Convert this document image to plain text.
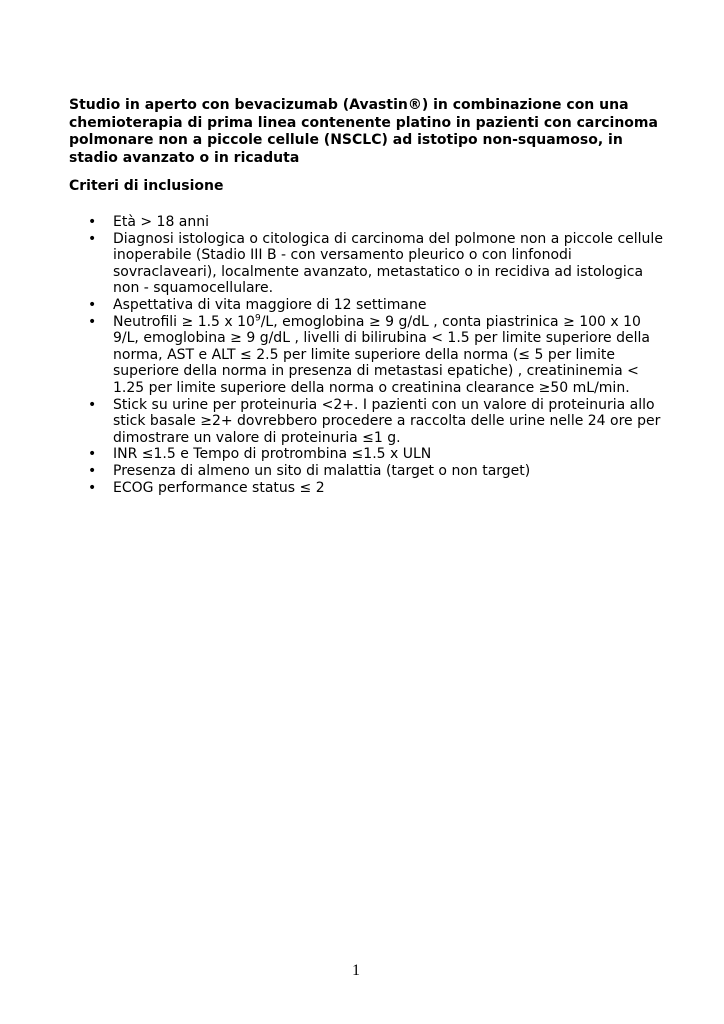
Studio in aperto con bevacizumab (Avastin®) in combinazione con una chemioterapia di prima linea contenente platino in pazienti con carcinoma polmonare non a piccole cellule (NSCLC) ad istotipo non-squamoso, in stadio avanzato o in ricaduta

Criteri di inclusione

• Età > 18 anni
• Diagnosi istologica o citologica di carcinoma del polmone non a piccole cellule inoperabile (Stadio III B - con versamento pleurico o con linfonodi sovraclaveari), localmente avanzato, metastatico o in recidiva ad istologica non - squamocellulare.
• Aspettativa di vita maggiore di 12 settimane
• Neutrofili ≥ 1.5 x $10^9/L$, emoglobina ≥ 9 g/dL , conta piastrinica ≥ 100 x 10 9/L, emoglobina ≥ 9 g/dL , livelli di bilirubina < 1.5 per limite superiore della norma, AST e ALT ≤ 2.5 per limite superiore della norma (≤ 5 per limite superiore della norma in presenza di metastasi epatiche) , creatininemia < 1.25 per limite superiore della norma o creatinina clearance ≥50 mL/min.
• Stick su urine per proteinuria <2+. I pazienti con un valore di proteinuria allo stick basale ≥2+ dovrebbero procedere a raccolta delle urine nelle 24 ore per dimostrare un valore di proteinuria ≤1 g.
• INR ≤1.5 e Tempo di protrombina ≤1.5 x ULN
• Presenza di almeno un sito di malattia (target o non target)
• ECOG performance status ≤ 2

1
